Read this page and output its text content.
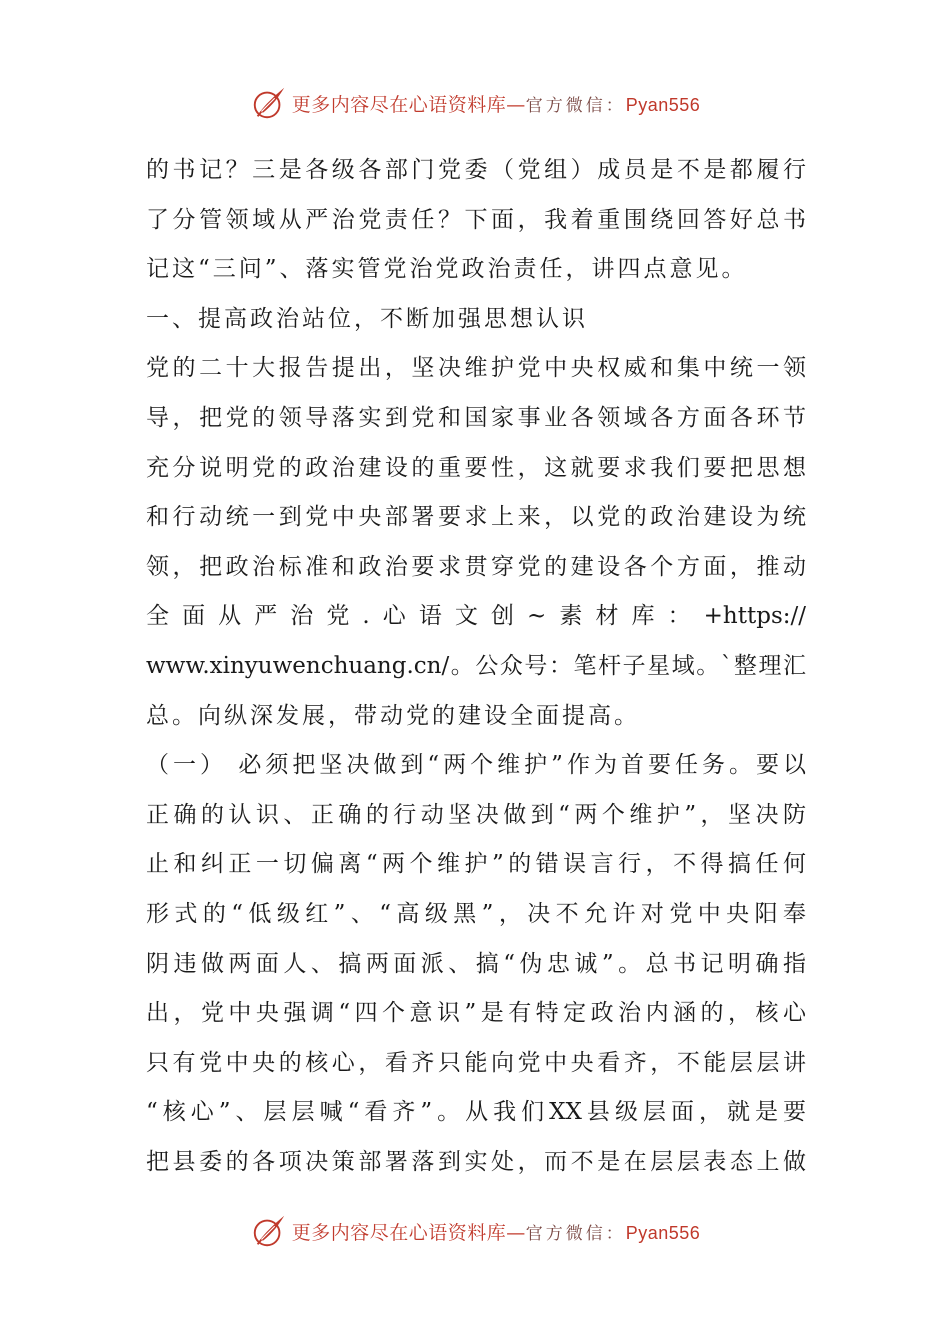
更多内容尽在心语资料库—官方微信：Pyan556
的书记？三是各级各部门党委（党组）成员是不是都履行
了分管领域从严治党责任？下面，我着重围绕回答好总书
记这“三问”、落实管党治党政治责任，讲四点意见。
一、提高政治站位，不断加强思想认识
党的二十大报告提出，坚决维护党中央权威和集中统一领
导，把党的领导落实到党和国家事业各领域各方面各环节
充分说明党的政治建设的重要性，这就要求我们要把思想
和行动统一到党中央部署要求上来，以党的政治建设为统
领，把政治标准和政治要求贯穿党的建设各个方面，推动
全面从严治党.心语文创~素材库：+https://
www.xinyuwenchuang.cn/。公众号：笔杆子星域。`整理汇
总。向纵深发展，带动党的建设全面提高。
（一） 必须把坚决做到“两个维护”作为首要任务。要以
正确的认识、正确的行动坚决做到“两个维护”，坚决防
止和纠正一切偏离“两个维护”的错误言行，不得搞任何
形式的“低级红”、“高级黑”，决不允许对党中央阳奉
阴违做两面人、搞两面派、搞“伪忠诚”。总书记明确指
出，党中央强调“四个意识”是有特定政治内涵的，核心
只有党中央的核心，看齐只能向党中央看齐，不能层层讲
“核心”、层层喊“看齐”。从我们XX县级层面，就是要
把县委的各项决策部署落到实处，而不是在层层表态上做
更多内容尽在心语资料库—官方微信：Pyan556
